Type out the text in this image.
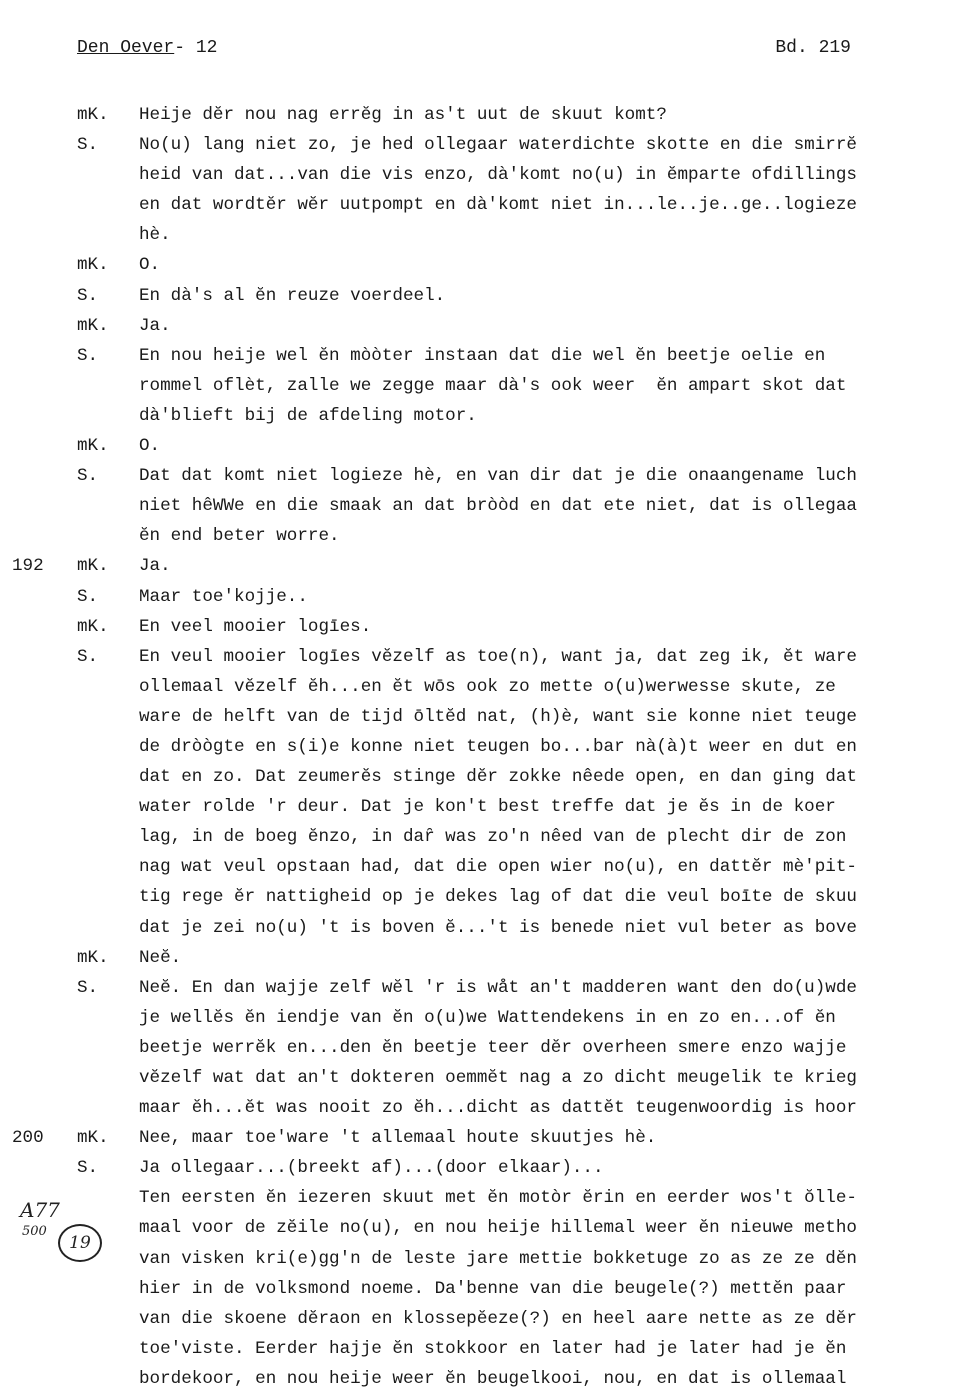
Den Oever- 12	Bd. 219
mK.	Heije dĕr nou nag errĕg in as't uut de skuut komt?
S.	No(u) lang niet zo, je hed ollegaar waterdichte skotte en die smirrĕ
heid van dat...van die vis enzo, dà'komt no(u) in ĕmparte ofdillings
en dat wordtĕr wĕr uutpompt en dà'komt niet in...le..je..ge..logieze
hè.
mK.	O.
S.	En dà's al ĕn reuze voerdeel.
mK.	Ja.
S.	En nou heije wel ĕn mòòter instaan dat die wel ĕn beetje oelie en
rommel oflèt, zalle we zegge maar dà's ook weer  ĕn ampart skot dat
dà'blieft bij de afdeling motor.
mK.	O.
S.	Dat dat komt niet logieze hè, en van dir dat je die onaangename luch
niet hêWWe en die smaak an dat bròòd en dat ete niet, dat is ollegaa
ĕn end beter worre.
192	mK.	Ja.
S.	Maar toe'kojje..
mK.	En veel mooier logīes.
S.	En veul mooier logīes vĕzelf as toe(n), want ja, dat zeg ik, ĕt ware
ollemaal vĕzelf ĕh...en ĕt wōs ook zo mette o(u)werwesse skute, ze
ware de helft van de tijd ōltĕd nat, (h)è, want sie konne niet teuge
de dròògte en s(i)e konne niet teugen bo...bar nà(à)t weer en dut en
dat en zo. Dat zeumerĕs stinge dĕr zokke nêede open, en dan ging dat
water rolde 'r deur. Dat je kon't best treffe dat je ĕs in de koer
lag, in de boeg ĕnzo, in daȓ was zo'n nêed van de plecht dir de zon
nag wat veul opstaan had, dat die open wier no(u), en dattĕr mè'pit-
tig rege ĕr nattigheid op je dekes lag of dat die veul boīte de skuu
dat je zei no(u) 't is boven ĕ...'t is benede niet vul beter as bove
mK.	Neĕ.
S.	Neĕ. En dan wajje zelf wĕl 'r is wåt an't madderen want den do(u)wde
je wellĕs ĕn iendje van ĕn o(u)we Wattendekens in en zo en...of ĕn
beetje werrĕk en...den ĕn beetje teer dĕr overheen smere enzo wajje
vĕzelf wat dat an't dokteren oemmĕt nag a zo dicht meugelik te krieg
maar ĕh...ĕt was nooit zo ĕh...dicht as dattĕt teugenwoordig is hoor
200	mK.	Nee, maar toe'ware 't allemaal houte skuutjes hè.
S.	Ja ollegaar...(breekt af)...(door elkaar)...
Ten eersten ĕn iezeren skuut met ĕn motòr ĕrin en eerder wos't ŏlle-
maal voor de zĕile no(u), en nou heije hillemal weer ĕn nieuwe metho
van visken kri(e)gg'n de leste jare mettie bokketuge zo as ze ze dĕn
hier in de volksmond noeme. Da'benne van die beugele(?) mettĕn paar
van die skoene dĕraon en klossepĕeze(?) en heel aare nette as ze dĕr
toe'viste. Eerder hajje ĕn stokkoor en later had je later had je ĕn
bordekoor, en nou heije weer ĕn beugelkooi, nou, en dat is ollemaal
A77
500
19
